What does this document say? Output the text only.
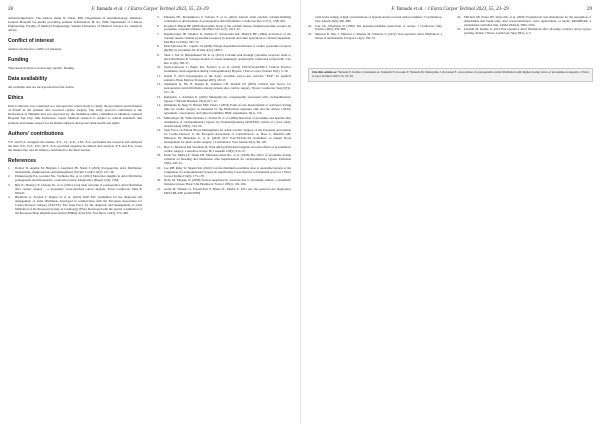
28	F. Yamada et al. / J Extra Corpor Technol 2023, 55, 23–29

Acknowledgements. The authors thank N. Takai, MD, Department of Anesthesiology, Okamoto General Hospital for kindly providing patients' information. H. Ito, PhD, Department of Clinical Engineering, Faculty of Medical Engineering, Suzuka University of Medical Science for statistical advice.

Conflict of interest

Authors declared no conflict of interests.

Funding

This research did not receive any specific funding.

Data availability

All available data are incorporated into the article.

Ethics

Data Collection was conducted as a retrospective cohort study to clarify the prevalence and incidence of POAF in the patients who received cardiac surgery. The study protocol conformed to the Declaration of Helsinki and was approved by the institution ethics committee in Okamoto General Hospital Epi City, Mie Prefecture, Japan. Medical research is subject to ethical standards that promote and ensure respect for all human subjects and protect their health and rights.

Authors' contributions

Y.Y. and E.A. designed the studies. Y.Y., J.I., A.K., J.M., E.A. performed the research and analyzed the data. Y.Y., N.T., Y.K., M.Y., E.A. provided expertise in clinical data analysis. Y.Y. and E.A. wrote the manuscript, and all authors contributed to the final version.

References
1. Dobrev D, Aguilar M, Heijman J, Guichard JB, Nattel S (2019) Postoperative atrial fibrillation: mechanisms, manifestations and management. Nat Rev Cardiol 16(7), 417–36.
2. Pamukcuoglu EA, Gorenki NG, Vuchiena DA, et al. (2021) Molecular insights in atrial fibrillation pathogenesis and therapeutics: a narrative review. Diagnostics (Basel) 11(9), 1584.
3. Hsu JC, Huang CY, Chuang SL, et al. (2021) Long term outcome of postoperative atrial fibrillation after cardiac surgery – a propensity score-matched cohort analysis. Front Cardiovasc Med 8, 650147.
4. Hindricks G, Potpara T, Dagres N, et al. (2021) 2020 ESC Guidelines for the diagnosis and management of atrial fibrillation developed in collaboration with the European Association for Cardio-Thoracic Surgery (EACTS): The Task Force for the diagnosis and management of atrial fibrillation of the European Society of Cardiology (ESC) Developed with the special contribution of the European Heart Rhythm Association (EHRA) of the ESC. Eur Heart J 42(5), 373–498.
5. Fukuoka PK, Bockamkova V, Sobreto F, et al. (2021) Altered atrial calcium calcium-handling contributes to development of postoperative atrial fibrillation. Cardiovasc Res 117(7), 1790–801.
6. Kosden F, Bielok BE (2000) Reversible block of the calcium release channel/ryanodine receptor by protamine, a heparin antidote. Mol Biol Cell 11(7), 2213–25.
7. Ragimovskey IB, Dudkov K, Kalkan E, Sroszewski DA, Bielsch BE (1999) Activation of the calcium release channel (ryanodine receptor) by heparin and other polyanions is calcium dependent. Mol Biol Cell 8(2), 365–72.
8. Diaz-Sylvester PL, Copello JA (2009) Voltage-dependent modulation of cardiac ryanodine receptors (RyR2) by protamine. PLoS One 4(12), e8315.
9. Shan J, Xie W, Betzenhauser M, et al. (2012) Calcium leak through ryanodine receptors leads to atrial fibrillation in 3 mouse models of catecholaminergic polymorphic ventricular tachycardia. Circ Res 111(6), 708–17.
10. Sarsit-Lemaoux L, Baker RA, Ferreira V, et al. (2018) STS/SCA/AmSECT Clinical Practice Guidelines: Anticoagulation during Cardiopulmonary Bypass. J Extra Corpor Technol 50(1), 5–18.
11. Kanda Y. 2013 Investigation of the freely available easy-to-use software "EZR" for medical statistics. Bone Marrow Transplant 48(3), 452–8.
12. Yamashita K, Hu N, Ranjan R, Selzman CH, Dosdall DJ (2019) Clinical risk factors for postoperative atrial fibrillation among patients after cardiac surgery. Thorac Cardiovasc Surg 67(2), 107–16.
13. Ramsadcu J, Karhund K (2022) Managing the coagulopathy associated with cardiopulmonary bypass. J Thromb Haemost 18(4), 817–32.
14. Dirkmann D, Nagy E, Britten MW, Peters J (2019) Point-of-care measurement of activated clotting time for cardiac surgery as measured by the Hemochron signature elite and the Abbott i-STAT: agreement, concordance, and clinical reliability. BMC Anesthesiol 19(1), 174.
15. Mittermayer M, Velik-Salchner C, Stalzer B, et al. (2009) Detection of protamine and heparin after termination of cardiopulmonary bypass by thrombelastometry (ROTEM): results of a pilot study. Anesth Analg 108(3), 743–50.
16. Task Force on Patient Blood Management for Adult Cardiac Surgery of the European Association for Cardio-Thoracic S, the European Association of Cardiothoracic A, Boer C, Meesters MI, Milojevic M, Benedetto U, et al. (2018) 2017 EACTS/EACTA Guidelines on patient blood management for adult cardiac surgery. J Cardiothorac Vasc Anesth 32(1), 88–120.
17. Boer C, Meesters MI, Veerhoek D, Vonk ABA (2018) Anticoagulant and side-effects of protamine in cardiac surgery: a narrative review. Br J Anaesth 120(5), 914–27.
18. Kunz SA, Miles LF, Sunni IM, Merreden-Allen RL, et al. (2018) The effect of protamine dosing variation on bleeding and transfusion after heparinisation for cardiopulmonary bypass. Perfusion 33(6), 445–52.
19. Lee RH, Riley W, Shanni KG (2022) Can the minimum protamine dose to neutralize heparin at the completion of cardiopulmonary bypass be significantly lower than the conventional protocol. J Extra Corpor Technol 54(3), 173–178.
20. Nybo M, Madsen JS (2008) Serious anaphylactic reactions due to protamine sulfate: a systematic literature review. Basic Clin Pharmacol Toxicol 103(2), 192–196.
21. Grebe H, Wiemer G, Tazaeli-Poli P, Braun JL, Martin E. 2011 Are the point-of-care diagnostics MULTIPLATE and ROTEM
F. Yamada et al. / J Extra Corpor Technol 2023, 55, 23–29	29
valid in the setting of high concentrations of heparin and its reversal with protamine? J Cardiothorac Vasc Anesth 25(6), 981–986.
22. Carr JA, Silverman N (1999) The heparin-protamine interaction. A review. J Cardiovasc Surg (Torino) 40(5), 659–666.
23. Massoni R, Nijs J, Massoni J, Alkema M, Schelton U (2012) Post-operative atrial fibrillation: a matter of mechanisms. Europace 14(2), 159–74.
24. Mitchell LB, Exner DV, Wyse DG, et al. (2005) Prophylactic oral amiodarone for the prevention of arrhythmias that begin early after revascularization, valve replacement, or repair: PAPABEAR: a randomized controlled trial. JAMA 294(24), 3093–3100.
25. Letsduit M, Kumar A. 2021 Post-operative atrial fibrillation after off-pump coronary artery bypass grafting. Indian J Thorac Cardiovasc Surg 38(1), 4–5.
Cite this article as: Yamada Y, Iwama J, Kanehara A, Taniuchi N, Kosaka Y, Yamada M, Maruyama J, & Aranai E. Association of postoperative atrial fibrillation with higher dosing ratios of protamine-to-heparin. J Extra Corpor Technol 2023, 55, 23–29
